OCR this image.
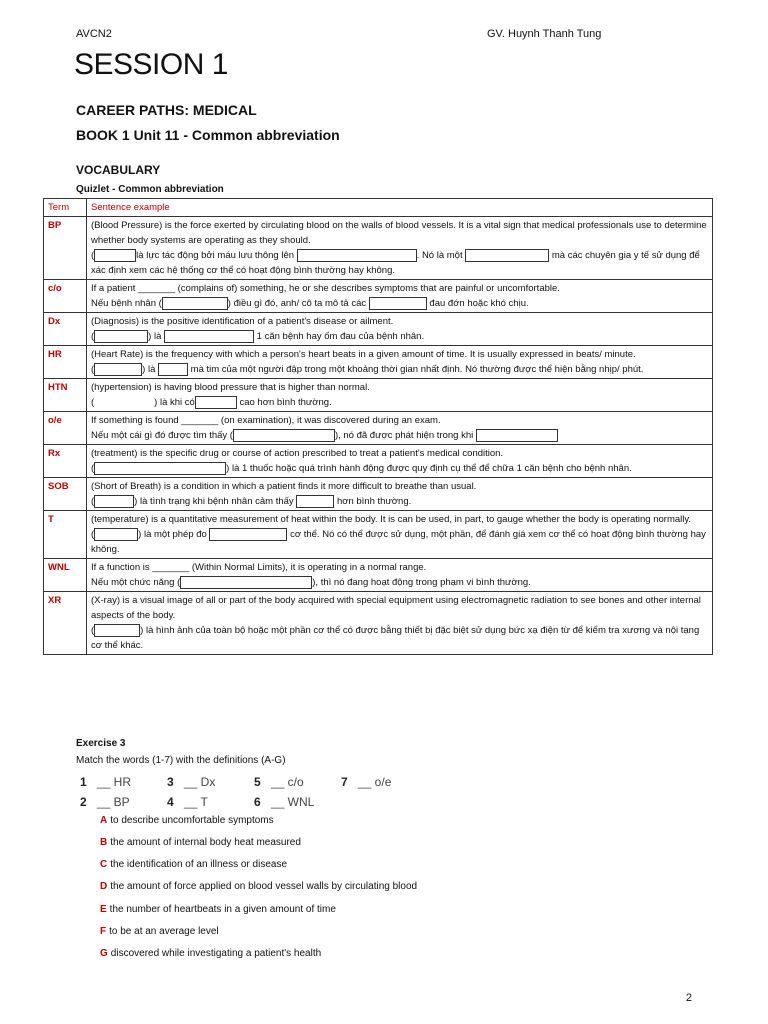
AVCN2	GV. Huynh Thanh Tung
SESSION 1
CAREER PATHS: MEDICAL
BOOK 1 Unit 11 - Common abbreviation
VOCABULARY
Quizlet - Common abbreviation
Term	Sentence example
BP	(Blood Pressure) is the force exerted by circulating blood on the walls of blood vessels. It is a vital sign that medical professionals use to determine whether body systems are operating as they should.
( là lực tác động bởi máu lưu thông lên . Nó là một mà các chuyên gia y tế sử dụng để xác định xem các hệ thống cơ thể có hoạt động bình thường hay không.

c/o	If a patient _______ (complains of) something, he or she describes symptoms that are painful or uncomfortable.
Nếu bệnh nhân ( ) điều gì đó, anh/ cô ta mô tả các đau đớn hoặc khó chịu.

Dx	(Diagnosis) is the positive identification of a patient's disease or ailment.
( ) là 1 căn bệnh hay ốm đau của bệnh nhân.

HR	(Heart Rate) is the frequency with which a person's heart beats in a given amount of time. It is usually expressed in beats/ minute.
( ) là mà tim của một người đập trong một khoảng thời gian nhất định. Nó thường được thể hiện bằng nhịp/ phút.

HTN	(hypertension) is having blood pressure that is higher than normal.
( ) là khi có cao hơn bình thường.

o/e	If something is found _______ (on examination), it was discovered during an exam.
Nếu một cái gì đó được tìm thấy ( ), nó đã được phát hiện trong khi

Rx	(treatment) is the specific drug or course of action prescribed to treat a patient's medical condition.
( ) là 1 thuốc hoặc quá trình hành động được quy định cụ thể để chữa 1 căn bệnh cho bệnh nhân.

SOB	(Short of Breath) is a condition in which a patient finds it more difficult to breathe than usual.
( ) là tình trạng khi bệnh nhân cảm thấy hơn bình thường.

T	(temperature) is a quantitative measurement of heat within the body. It is can be used, in part, to gauge whether the body is operating normally.
( ) là một phép đo cơ thể. Nó có thể được sử dụng, một phần, để đánh giá xem cơ thể có hoạt động bình thường hay không.

WNL	If a function is _______ (Within Normal Limits), it is operating in a normal range.
Nếu một chức năng ( ), thì nó đang hoạt động trong phạm vi bình thường.

XR	(X-ray) is a visual image of all or part of the body acquired with special equipment using electromagnetic radiation to see bones and other internal aspects of the body.
( ) là hình ảnh của toàn bộ hoặc một phần cơ thể có được bằng thiết bị đặc biệt sử dụng bức xạ điện từ để kiểm tra xương và nội tạng cơ thể khác.
Exercise 3
Match the words (1-7) with the definitions (A-G)
1 __ HR
2 __ BP
3 __ Dx
4 __ T
5 __ c/o
6 __ WNL
7 __ o/e
A to describe uncomfortable symptoms
B the amount of internal body heat measured
C the identification of an illness or disease
D the amount of force applied on blood vessel walls by circulating blood
E the number of heartbeats in a given amount of time
F to be at an average level
G discovered while investigating a patient's health
2
